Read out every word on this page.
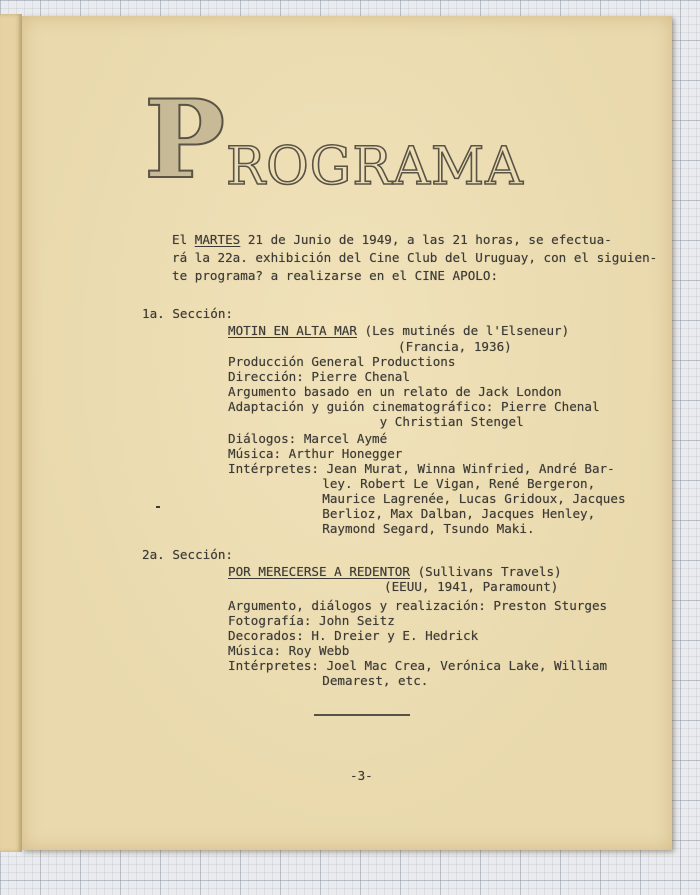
P ROGRAMA
El MARTES 21 de Junio de 1949, a las 21 horas, se efectua-
rá la 22a. exhibición del Cine Club del Uruguay, con el siguien-
te programa? a realizarse en el CINE APOLO:
1a. Sección:
MOTIN EN ALTA MAR (Les mutinés de l'Elseneur)
(Francia, 1936)
Producción General Productions
Dirección: Pierre Chenal
Argumento basado en un relato de Jack London
Adaptación y guión cinematográfico: Pierre Chenal
y Christian Stengel
Diálogos: Marcel Aymé
Música: Arthur Honegger
Intérpretes: Jean Murat, Winna Winfried, André Bar-
ley. Robert Le Vigan, René Bergeron,
Maurice Lagrenée, Lucas Gridoux, Jacques
Berlioz, Max Dalban, Jacques Henley,
Raymond Segard, Tsundo Maki.
2a. Sección:
POR MERECERSE A REDENTOR (Sullivans Travels)
(EEUU, 1941, Paramount)
Argumento, diálogos y realización: Preston Sturges
Fotografía: John Seitz
Decorados: H. Dreier y E. Hedrick
Música: Roy Webb
Intérpretes: Joel Mac Crea, Verónica Lake, William
Demarest, etc.
-3-
